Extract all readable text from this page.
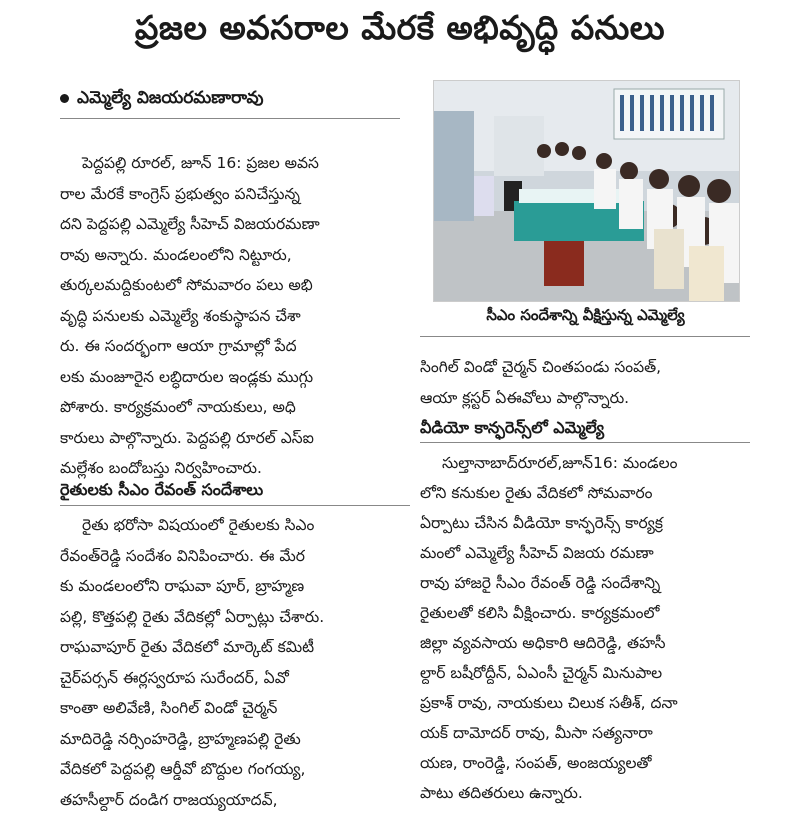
ప్రజల అవసరాల మేరకే అభివృద్ధి పనులు
ఎమ్మెల్యే విజయరమణారావు

పెద్దపల్లి రూరల్, జూన్ 16: ప్రజల అవస

రాల మేరకే కాంగ్రెస్ ప్రభుత్వం పనిచేస్తున్న

దని పెద్దపల్లి ఎమ్మెల్యే సీహెచ్ విజయరమణా

రావు అన్నారు. మండలంలోని నిట్టూరు,

తుర్కలమద్దికుంటలో సోమవారం పలు అభి

వృద్ధి పనులకు ఎమ్మెల్యే శంకుస్థాపన చేశా

రు. ఈ సందర్భంగా ఆయా గ్రామాల్లో పేద

లకు మంజూరైన లబ్ధిదారుల ఇండ్లకు ముగ్గు

పోశారు. కార్యక్రమంలో నాయకులు, అధి

కారులు పాల్గొన్నారు. పెద్దపల్లి రూరల్ ఎస్ఐ

మల్లేశం బందోబస్తు నిర్వహించారు.

రైతులకు సీఎం రేవంత్ సందేశాలు

రైతు భరోసా విషయంలో రైతులకు సిఎం

రేవంత్‌రెడ్డి సందేశం వినిపించారు. ఈ మేర

కు మండలంలోని రాఘవా పూర్, బ్రాహ్మణ

పల్లి, కొత్తపల్లి రైతు వేదికల్లో ఏర్పాట్లు చేశారు.

రాఘవాపూర్ రైతు వేదికలో మార్కెట్ కమిటీ

చైర్‌పర్సన్ ఈర్లస్వరూప సురేందర్, ఏవో

కాంతా అలివేణి, సింగిల్ విండో చైర్మన్

మాదిరెడ్డి నర్సింహరెడ్డి, బ్రాహ్మణపల్లి రైతు

వేదికలో పెద్దపల్లి ఆర్డీవో బొద్దుల గంగయ్య,

తహసీల్దార్ దండిగ రాజయ్యయాదవ్,

సీఎం సందేశాన్ని వీక్షిస్తున్న ఎమ్మెల్యే

సింగిల్ విండో చైర్మన్ చింతపండు సంపత్,

ఆయా క్లస్టర్ ఏఈవోలు పాల్గొన్నారు.

వీడియో కాన్ఫరెన్స్‌లో ఎమ్మెల్యే

సుల్తానాబాద్‌రూరల్,జూన్16: మండలం

లోని కనుకుల రైతు వేదికలో సోమవారం

ఏర్పాటు చేసిన వీడియో కాన్ఫరెన్స్ కార్యక్ర

మంలో ఎమ్మెల్యే సీహెచ్ విజయ రమణా

రావు హాజరై సీఎం రేవంత్ రెడ్డి సందేశాన్ని

రైతులతో కలిసి వీక్షించారు. కార్యక్రమంలో

జిల్లా వ్యవసాయ అధికారి ఆదిరెడ్డి, తహసీ

ల్దార్ బషీరోద్దీన్, ఏఎంసీ చైర్మన్ మినుపాల

ప్రకాశ్ రావు, నాయకులు చిలుక సతీశ్, దనా

యక్ దామోదర్ రావు, మీసా సత్యనారా

యణ, రాంరెడ్డి, సంపత్, అంజయ్యలతో

పాటు తదితరులు ఉన్నారు.
